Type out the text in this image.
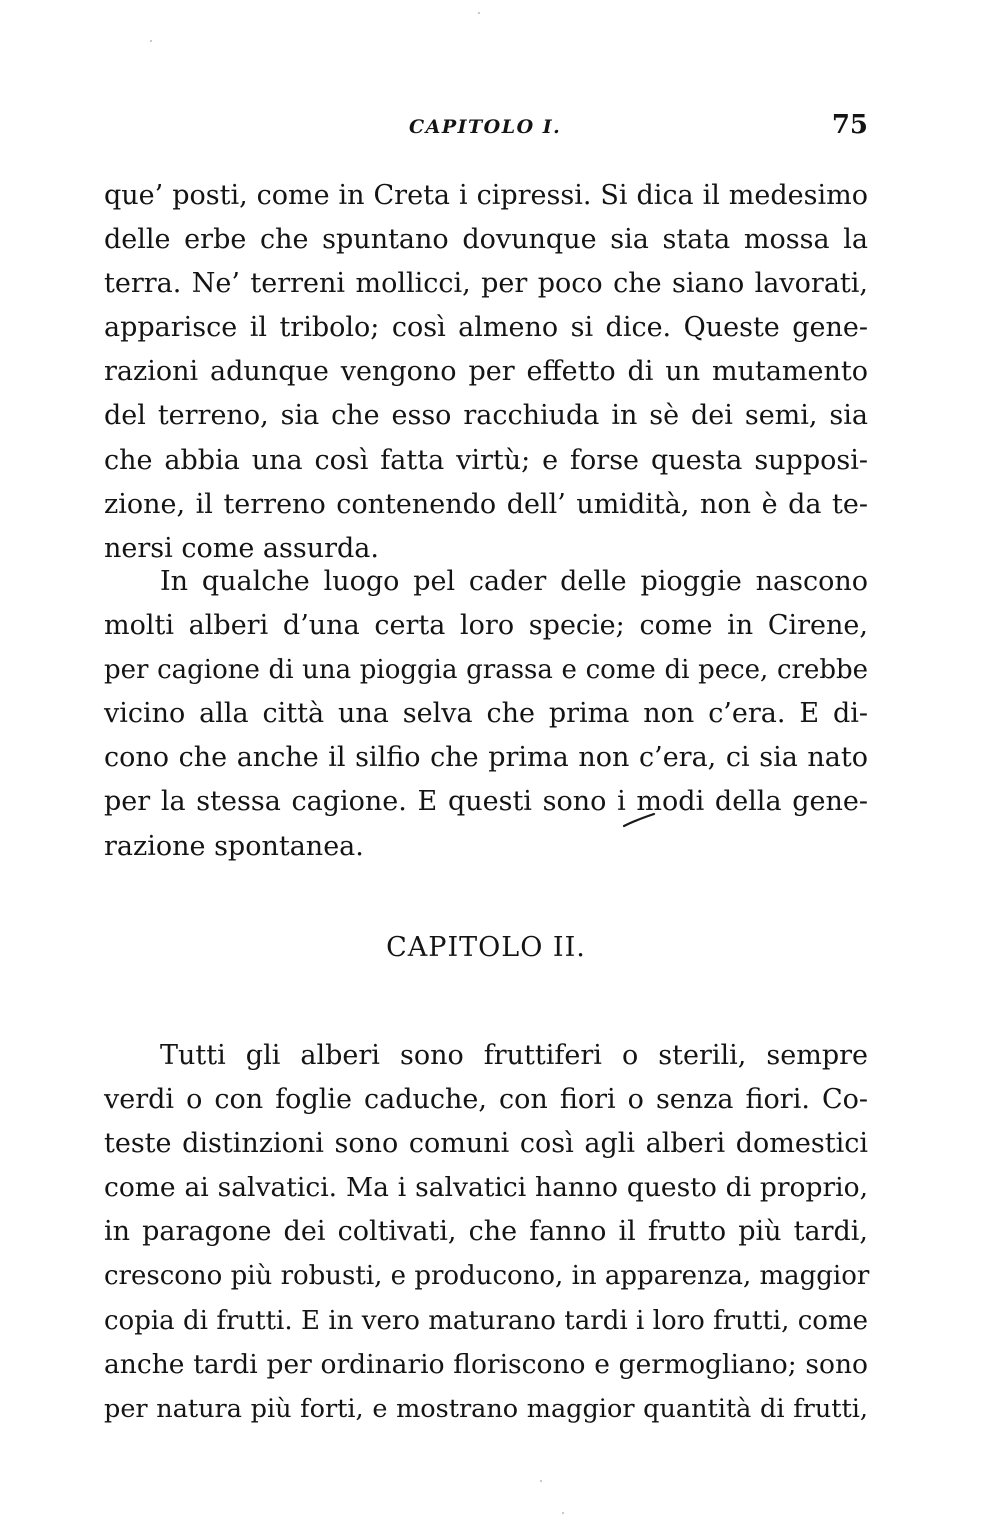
CAPITOLO I.	75
que’ posti, come in Creta i cipressi. Si dica il medesimo
delle erbe che spuntano dovunque sia stata mossa la
terra. Ne’ terreni mollicci, per poco che siano lavorati,
apparisce il tribolo; così almeno si dice. Queste gene-
razioni adunque vengono per effetto di un mutamento
del terreno, sia che esso racchiuda in sè dei semi, sia
che abbia una così fatta virtù; e forse questa supposi-
zione, il terreno contenendo dell’ umidità, non è da te-
nersi come assurda.
In qualche luogo pel cader delle pioggie nascono
molti alberi d’una certa loro specie; come in Cirene,
per cagione di una pioggia grassa e come di pece, crebbe
vicino alla città una selva che prima non c’era. E di-
cono che anche il silfio che prima non c’era, ci sia nato
per la stessa cagione. E questi sono i modi della gene-
razione spontanea.
CAPITOLO II.
Tutti gli alberi sono fruttiferi o sterili, sempre
verdi o con foglie caduche, con fiori o senza fiori. Co-
teste distinzioni sono comuni così agli alberi domestici
come ai salvatici. Ma i salvatici hanno questo di proprio,
in paragone dei coltivati, che fanno il frutto più tardi,
crescono più robusti, e producono, in apparenza, maggior
copia di frutti. E in vero maturano tardi i loro frutti, come
anche tardi per ordinario floriscono e germogliano; sono
per natura più forti, e mostrano maggior quantità di frutti,
